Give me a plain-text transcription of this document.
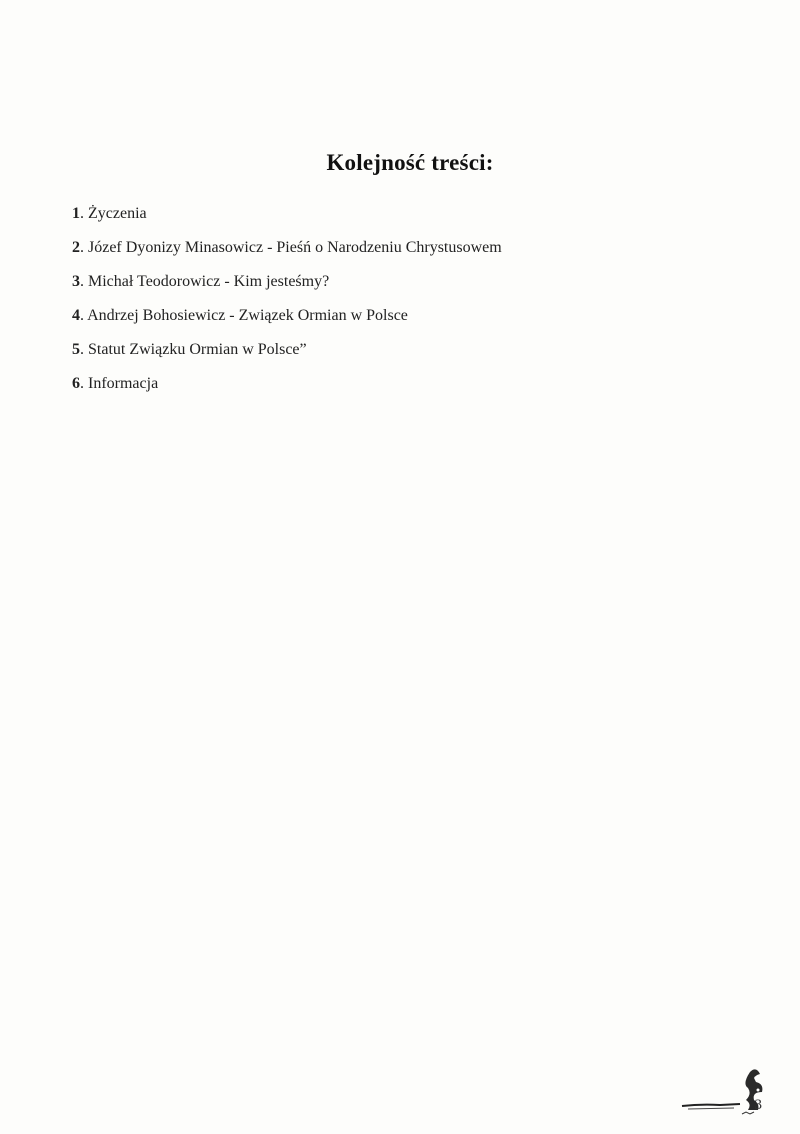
Kolejność treści:
1. Życzenia
2. Józef Dyonizy Minasowicz - Pieśń o Narodzeniu Chrystusowem
3. Michał Teodorowicz - Kim jesteśmy?
4. Andrzej Bohosiewicz - Związek Ormian w Polsce
5. Statut Związku Ormian w Polsce”
6. Informacja
3
